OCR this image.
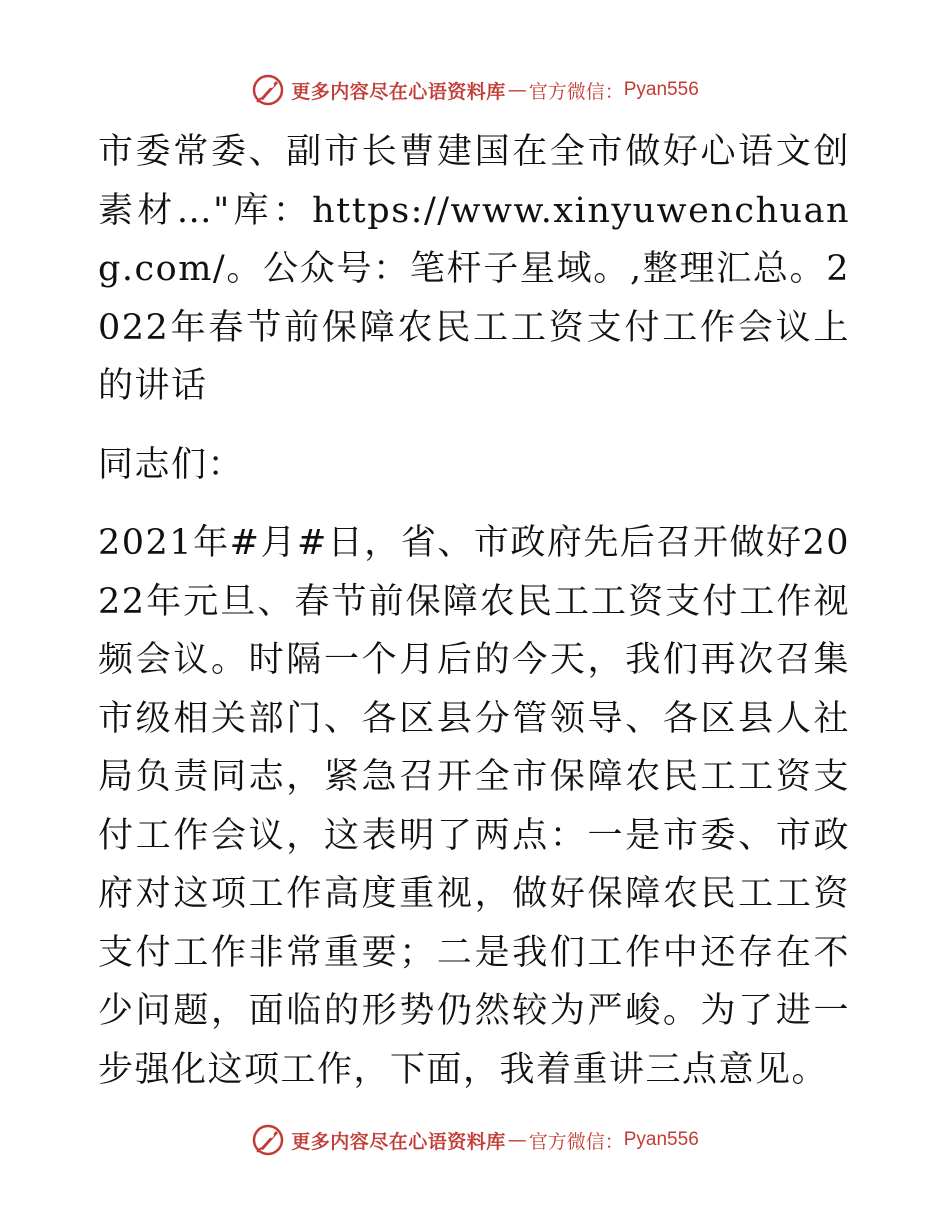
更多内容尽在心语资料库 — 官方微信： Pyan556

市委常委、副市长曹建国在全市做好心语文创素材…"库：https://www.xinyuwenchuang.com/。公众号：笔杆子星域。,整理汇总。2022年春节前保障农民工工资支付工作会议上的讲话

同志们：

2021年#月#日，省、市政府先后召开做好2022年元旦、春节前保障农民工工资支付工作视频会议。时隔一个月后的今天，我们再次召集市级相关部门、各区县分管领导、各区县人社局负责同志，紧急召开全市保障农民工工资支付工作会议，这表明了两点：一是市委、市政府对这项工作高度重视，做好保障农民工工资支付工作非常重要；二是我们工作中还存在不少问题，面临的形势仍然较为严峻。为了进一步强化这项工作，下面，我着重讲三点意见。

更多内容尽在心语资料库 — 官方微信： Pyan556
